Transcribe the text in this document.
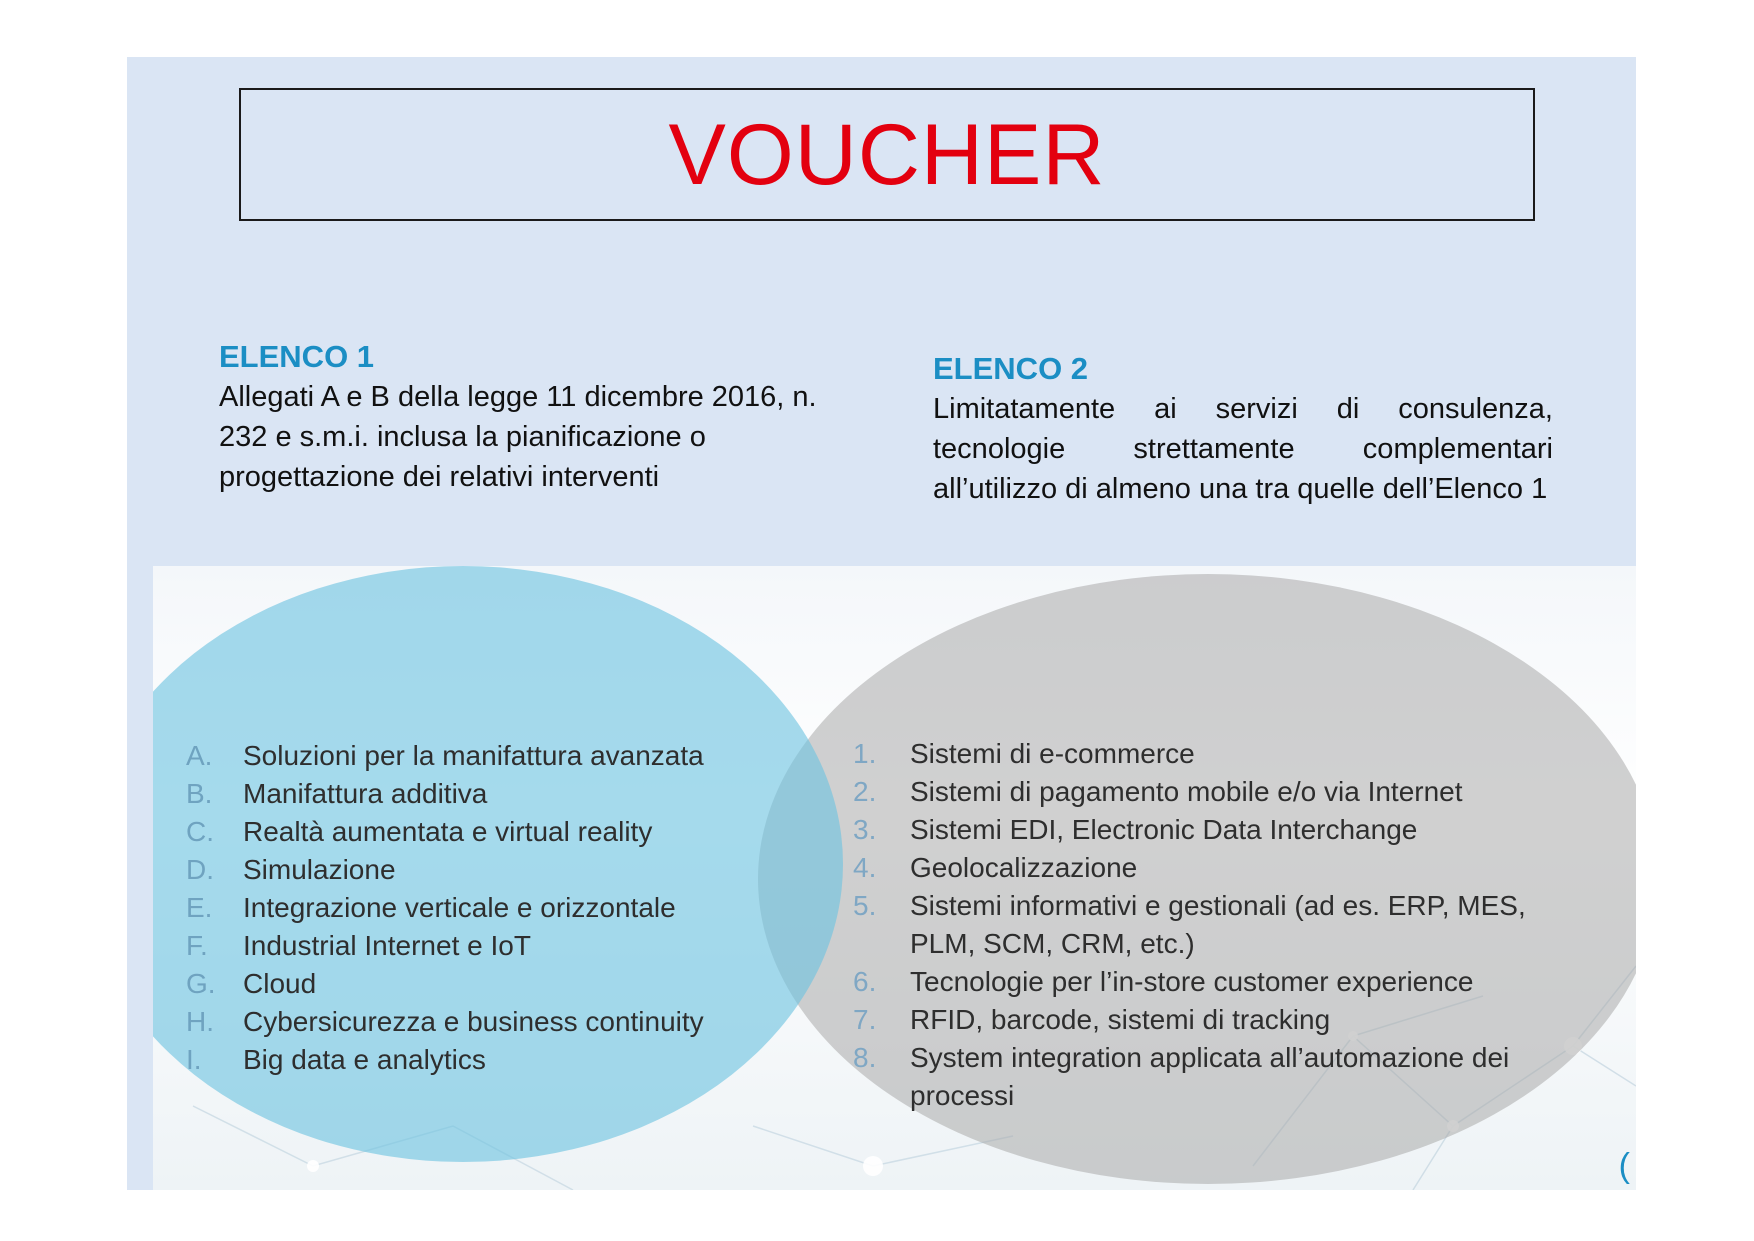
VOUCHER
ELENCO 1
Allegati A e B della legge 11 dicembre 2016, n. 232 e s.m.i. inclusa la pianificazione o progettazione dei relativi interventi
ELENCO 2
Limitatamente ai servizi di consulenza, tecnologie strettamente complementari all’utilizzo di almeno una tra quelle dell’Elenco 1
A.	Soluzioni per la manifattura avanzata
B.	Manifattura additiva
C.	Realtà aumentata e virtual reality
D.	Simulazione
E.	Integrazione verticale e orizzontale
F.	Industrial Internet e IoT
G. Cloud
H.	Cybersicurezza e business continuity
I.	Big data e analytics
1.	Sistemi di e-commerce
2.	Sistemi di pagamento mobile e/o via Internet
3.	Sistemi EDI, Electronic Data Interchange
4.	Geolocalizzazione
5.	Sistemi informativi e gestionali (ad es. ERP, MES, PLM, SCM, CRM, etc.)
6.	Tecnologie per l’in-store customer experience
7.	RFID, barcode, sistemi di tracking
8.	System integration applicata all’automazione dei processi
(
